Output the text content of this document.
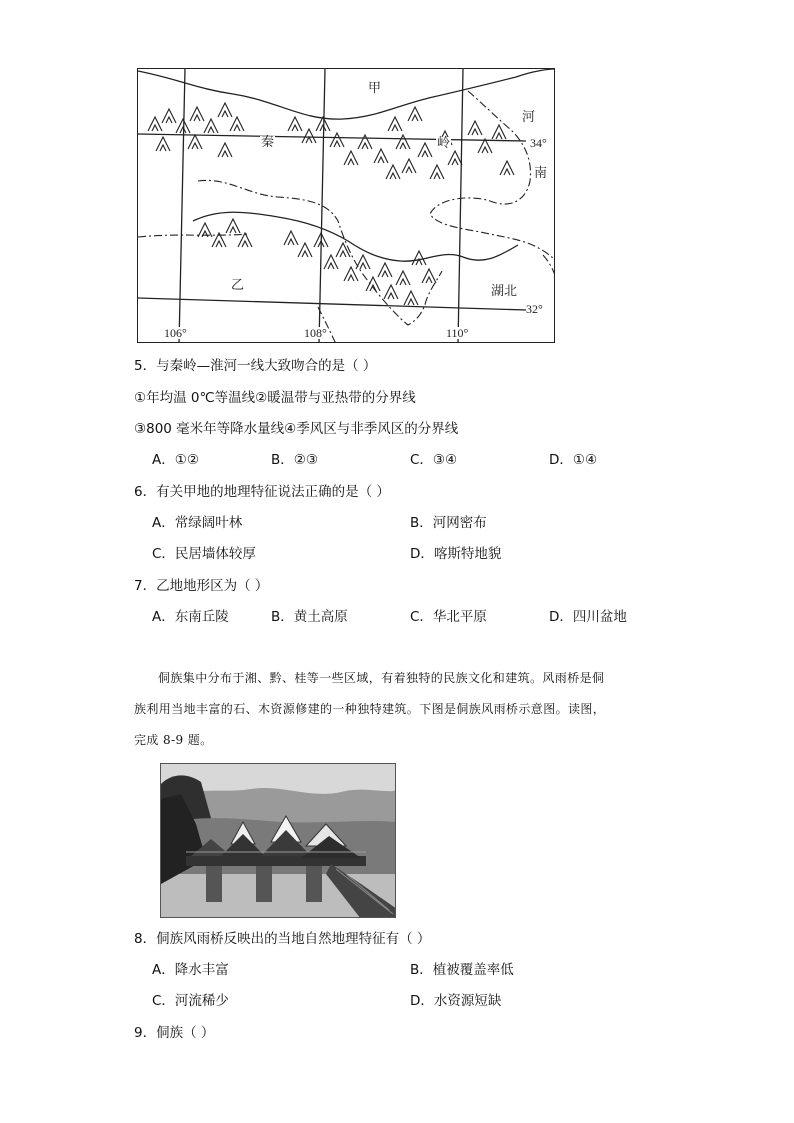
甲
秦	岭
河
南
乙	湖北
34°
32°
106°	108°	110°
5．与秦岭—淮河一线大致吻合的是（ ）
①年均温 0℃等温线②暖温带与亚热带的分界线
③800 毫米年等降水量线④季风区与非季风区的分界线
A．①②	B．②③	C．③④	D．①④
6．有关甲地的地理特征说法正确的是（ ）
A．常绿阔叶林	B．河网密布
C．民居墙体较厚	D．喀斯特地貌
7．乙地地形区为（ ）
A．东南丘陵	B．黄土高原	C．华北平原	D．四川盆地

侗族集中分布于湘、黔、桂等一些区域，有着独特的民族文化和建筑。风雨桥是侗

族利用当地丰富的石、木资源修建的一种独特建筑。下图是侗族风雨桥示意图。读图，

完成 8-9 题。

8．侗族风雨桥反映出的当地自然地理特征有（ ）
A．降水丰富	B．植被覆盖率低
C．河流稀少	D．水资源短缺
9．侗族（ ）
